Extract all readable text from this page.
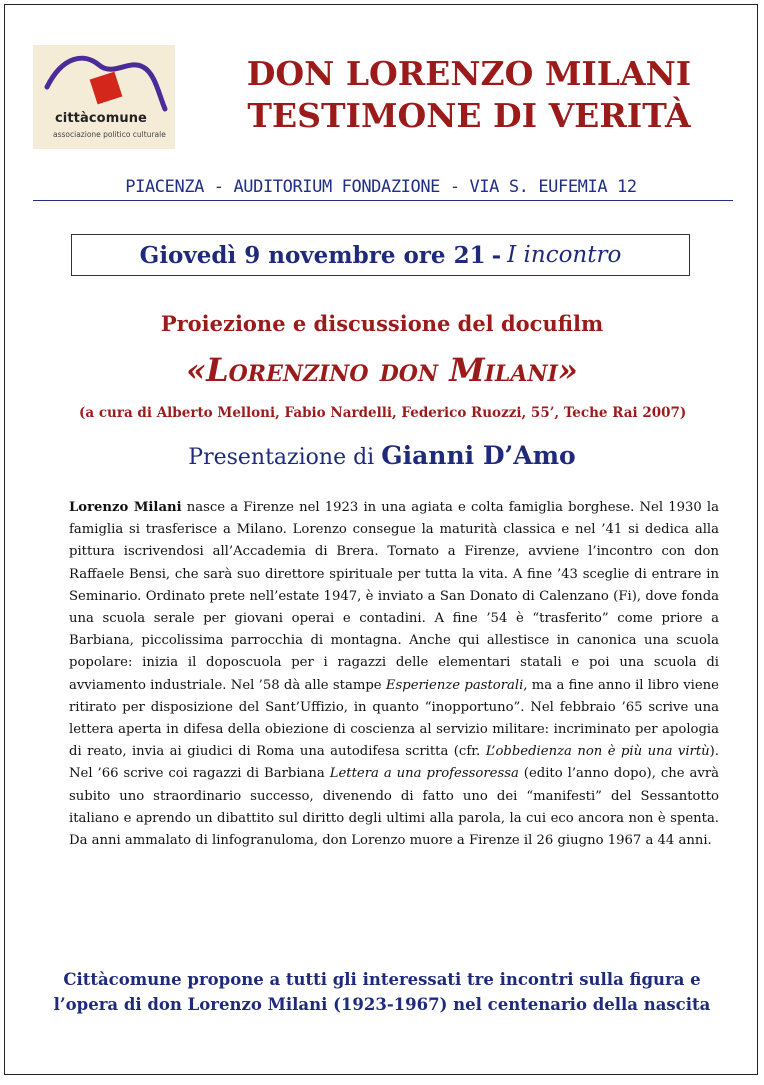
cittàcomune
associazione politico culturale
DON LORENZO MILANI
TESTIMONE DI VERITÀ
PIACENZA - AUDITORIUM FONDAZIONE - VIA S. EUFEMIA 12
Giovedì 9 novembre ore 21 - I incontro
Proiezione e discussione del docufilm
«Lorenzino don Milani»
(a cura di Alberto Melloni, Fabio Nardelli, Federico Ruozzi, 55’, Teche Rai 2007)
Presentazione di Gianni D’Amo

Lorenzo Milani nasce a Firenze nel 1923 in una agiata e colta famiglia borghese. Nel 1930 la famiglia si trasferisce a Milano. Lorenzo consegue la maturità classica e nel ’41 si dedica alla pittura iscrivendosi all’Accademia di Brera. Tornato a Firenze, avviene l’incontro con don Raffaele Bensi, che sarà suo direttore spirituale per tutta la vita. A fine ’43 sceglie di entrare in Seminario. Ordinato prete nell’estate 1947, è inviato a San Donato di Calenzano (Fi), dove fonda una scuola serale per giovani operai e contadini. A fine ’54 è “trasferito” come priore a Barbiana, piccolissima parrocchia di montagna. Anche qui allestisce in canonica una scuola popolare: inizia il doposcuola per i ragazzi delle elementari statali e poi una scuola di avviamento industriale. Nel ’58 dà alle stampe Esperienze pastorali, ma a fine anno il libro viene ritirato per disposizione del Sant’Uffizio, in quanto “inopportuno”. Nel febbraio ’65 scrive una lettera aperta in difesa della obiezione di coscienza al servizio militare: incriminato per apologia di reato, invia ai giudici di Roma una autodifesa scritta (cfr. L’obbedienza non è più una virtù). Nel ’66 scrive coi ragazzi di Barbiana Lettera a una professoressa (edito l’anno dopo), che avrà subito uno straordinario successo, divenendo di fatto uno dei “manifesti” del Sessantotto italiano e aprendo un dibattito sul diritto degli ultimi alla parola, la cui eco ancora non è spenta. Da anni ammalato di linfogranuloma, don Lorenzo muore a Firenze il 26 giugno 1967 a 44 anni.

Cittàcomune propone a tutti gli interessati tre incontri sulla figura e
l’opera di don Lorenzo Milani (1923-1967) nel centenario della nascita
